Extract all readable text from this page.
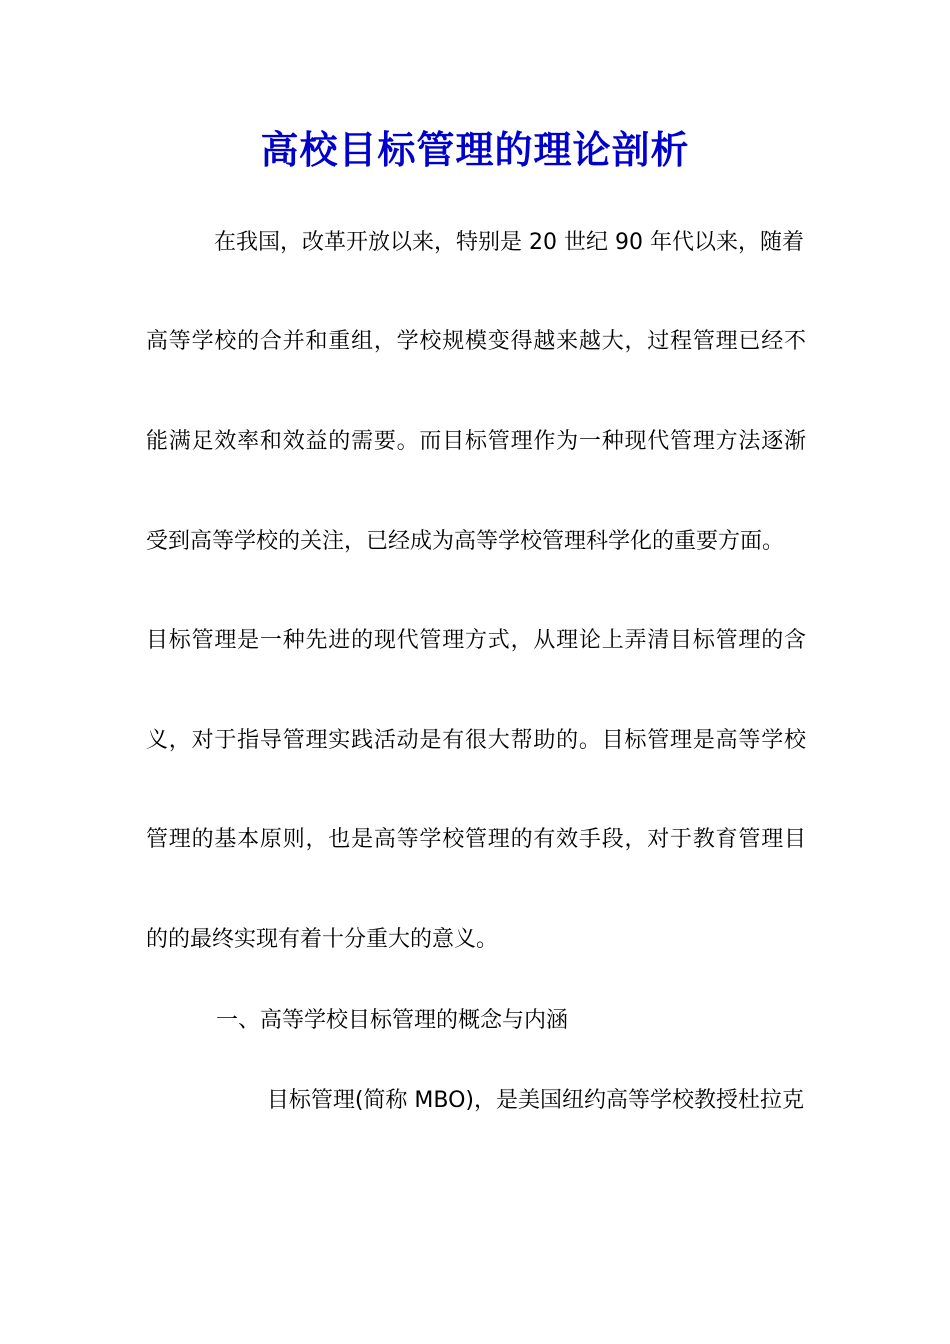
高校目标管理的理论剖析

在我国，改革开放以来，特别是 20 世纪 90 年代以来，随着

高等学校的合并和重组，学校规模变得越来越大，过程管理已经不

能满足效率和效益的需要。而目标管理作为一种现代管理方法逐渐

受到高等学校的关注，已经成为高等学校管理科学化的重要方面。

目标管理是一种先进的现代管理方式，从理论上弄清目标管理的含

义，对于指导管理实践活动是有很大帮助的。目标管理是高等学校

管理的基本原则，也是高等学校管理的有效手段，对于教育管理目

的的最终实现有着十分重大的意义。

一、高等学校目标管理的概念与内涵

目标管理(简称 MBO)，是美国纽约高等学校教授杜拉克
